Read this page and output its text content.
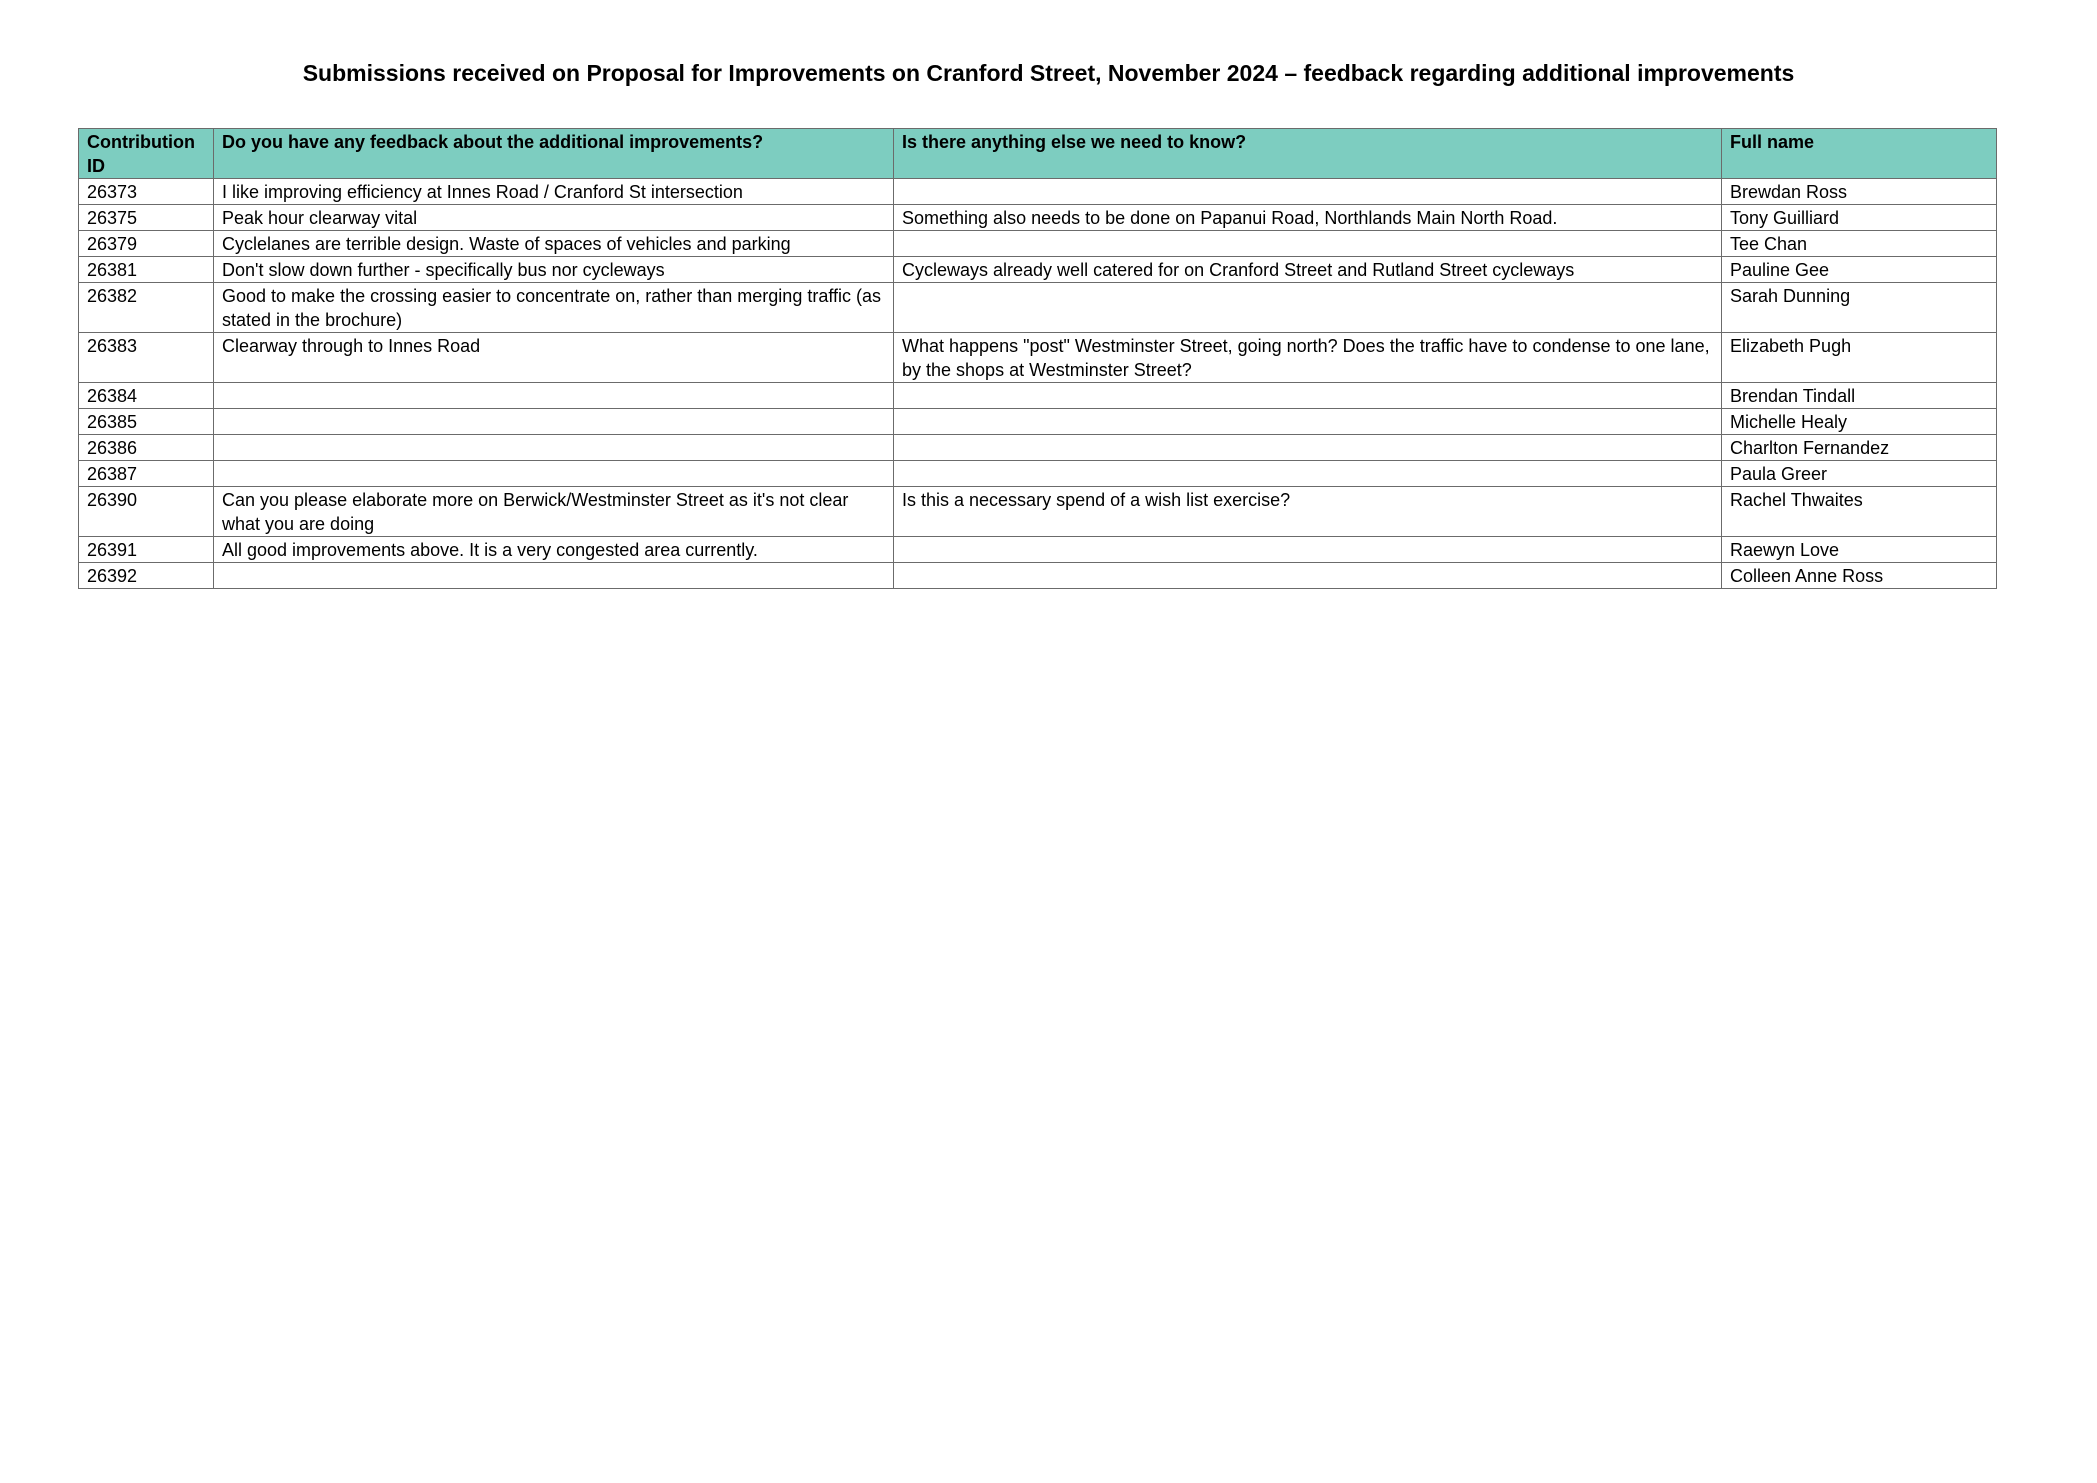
Submissions received on Proposal for Improvements on Cranford Street, November 2024 – feedback regarding additional improvements
Contribution ID	Do you have any feedback about the additional improvements?	Is there anything else we need to know?	Full name
26373	I like improving efficiency at Innes Road / Cranford St intersection		Brewdan Ross
26375	Peak hour clearway vital	Something also needs to be done on Papanui Road, Northlands Main North Road.	Tony Guilliard
26379	Cyclelanes are terrible design. Waste of spaces of vehicles and parking		Tee Chan
26381	Don't slow down further - specifically bus nor cycleways	Cycleways already well catered for on Cranford Street and Rutland Street cycleways	Pauline Gee
26382	Good to make the crossing easier to concentrate on, rather than merging traffic (as stated in the brochure)		Sarah Dunning
26383	Clearway through to Innes Road	What happens "post" Westminster Street, going north? Does the traffic have to condense to one lane, by the shops at Westminster Street?	Elizabeth Pugh
26384			Brendan Tindall
26385			Michelle Healy
26386			Charlton Fernandez
26387			Paula Greer
26390	Can you please elaborate more on Berwick/Westminster Street as it's not clear what you are doing	Is this a necessary spend of a wish list exercise?	Rachel Thwaites
26391	All good improvements above. It is a very congested area currently.		Raewyn Love
26392			Colleen Anne Ross
